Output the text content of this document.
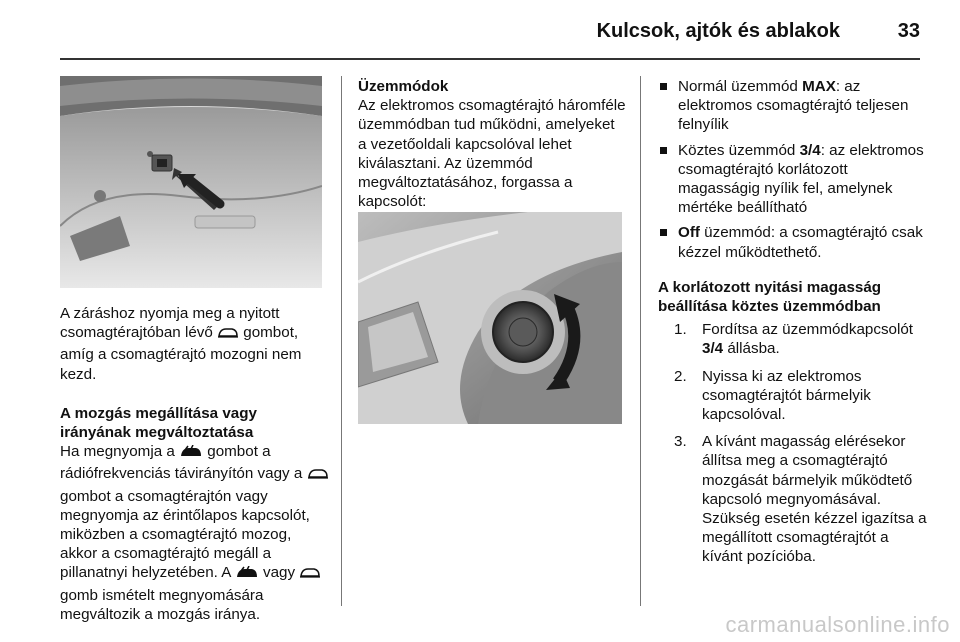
Kulcsok, ajtók és ablakok	33

A záráshoz nyomja meg a nyitott csomagtérajtóban lévő  gombot, amíg a csomagtérajtó mozogni nem kezd.

A mozgás megállítása vagy irányának megváltoztatása

Ha megnyomja a  gombot a rádiófrekvenciás távirányítón vagy a  gombot a csomagtérajtón vagy megnyomja az érintőlapos kapcsolót, miközben a csomagtérajtó mozog, akkor a csomagtérajtó megáll a pillanatnyi helyzetében. A  vagy  gomb ismételt megnyomására megváltozik a mozgás iránya.

Üzemmódok

Az elektromos csomagtérajtó háromféle üzemmódban tud működni, amelyeket a vezetőoldali kapcsolóval lehet kiválasztani. Az üzemmód megváltoztatásához, forgassa a kapcsolót:

Normál üzemmód MAX: az elektromos csomagtérajtó teljesen felnyílik
Köztes üzemmód 3/4: az elektromos csomagtérajtó korlátozott magasságig nyílik fel, amelynek mértéke beállítható
Off üzemmód: a csomagtérajtó csak kézzel működtethető.
A korlátozott nyitási magasság beállítása köztes üzemmódban
1. Fordítsa az üzemmódkapcsolót 3/4 állásba.
2. Nyissa ki az elektromos csomagtérajtót bármelyik kapcsolóval.
3. A kívánt magasság elérésekor állítsa meg a csomagtérajtó mozgását bármelyik működtető kapcsoló megnyomásával. Szükség esetén kézzel igazítsa a megállított csomagtérajtót a kívánt pozícióba.
carmanualsonline.info
